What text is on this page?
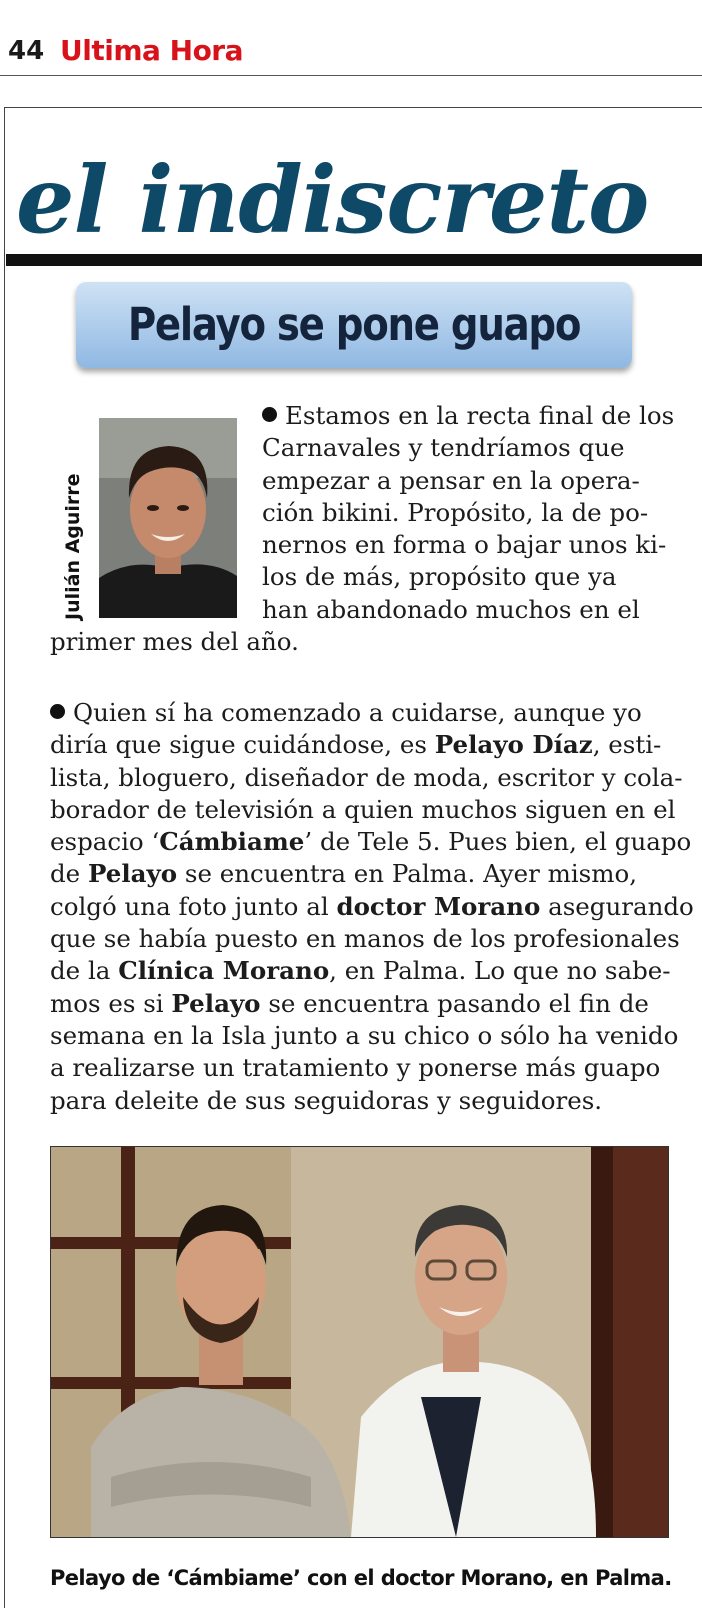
44 Ultima Hora
el indiscreto
Pelayo se pone guapo
Julián Aguirre

Estamos en la recta final de los
Carnavales y tendríamos que
empezar a pensar en la opera-
ción bikini. Propósito, la de po-
nernos en forma o bajar unos ki-
los de más, propósito que ya
han abandonado muchos en el
primer mes del año.

Quien sí ha comenzado a cuidarse, aunque yo
diría que sigue cuidándose, es Pelayo Díaz, esti-
lista, bloguero, diseñador de moda, escritor y cola-
borador de televisión a quien muchos siguen en el
espacio ‘Cámbiame’ de Tele 5. Pues bien, el guapo
de Pelayo se encuentra en Palma. Ayer mismo,
colgó una foto junto al doctor Morano asegurando
que se había puesto en manos de los profesionales
de la Clínica Morano, en Palma. Lo que no sabe-
mos es si Pelayo se encuentra pasando el fin de
semana en la Isla junto a su chico o sólo ha venido
a realizarse un tratamiento y ponerse más guapo
para deleite de sus seguidoras y seguidores.

Pelayo de ‘Cámbiame’ con el doctor Morano, en Palma.
